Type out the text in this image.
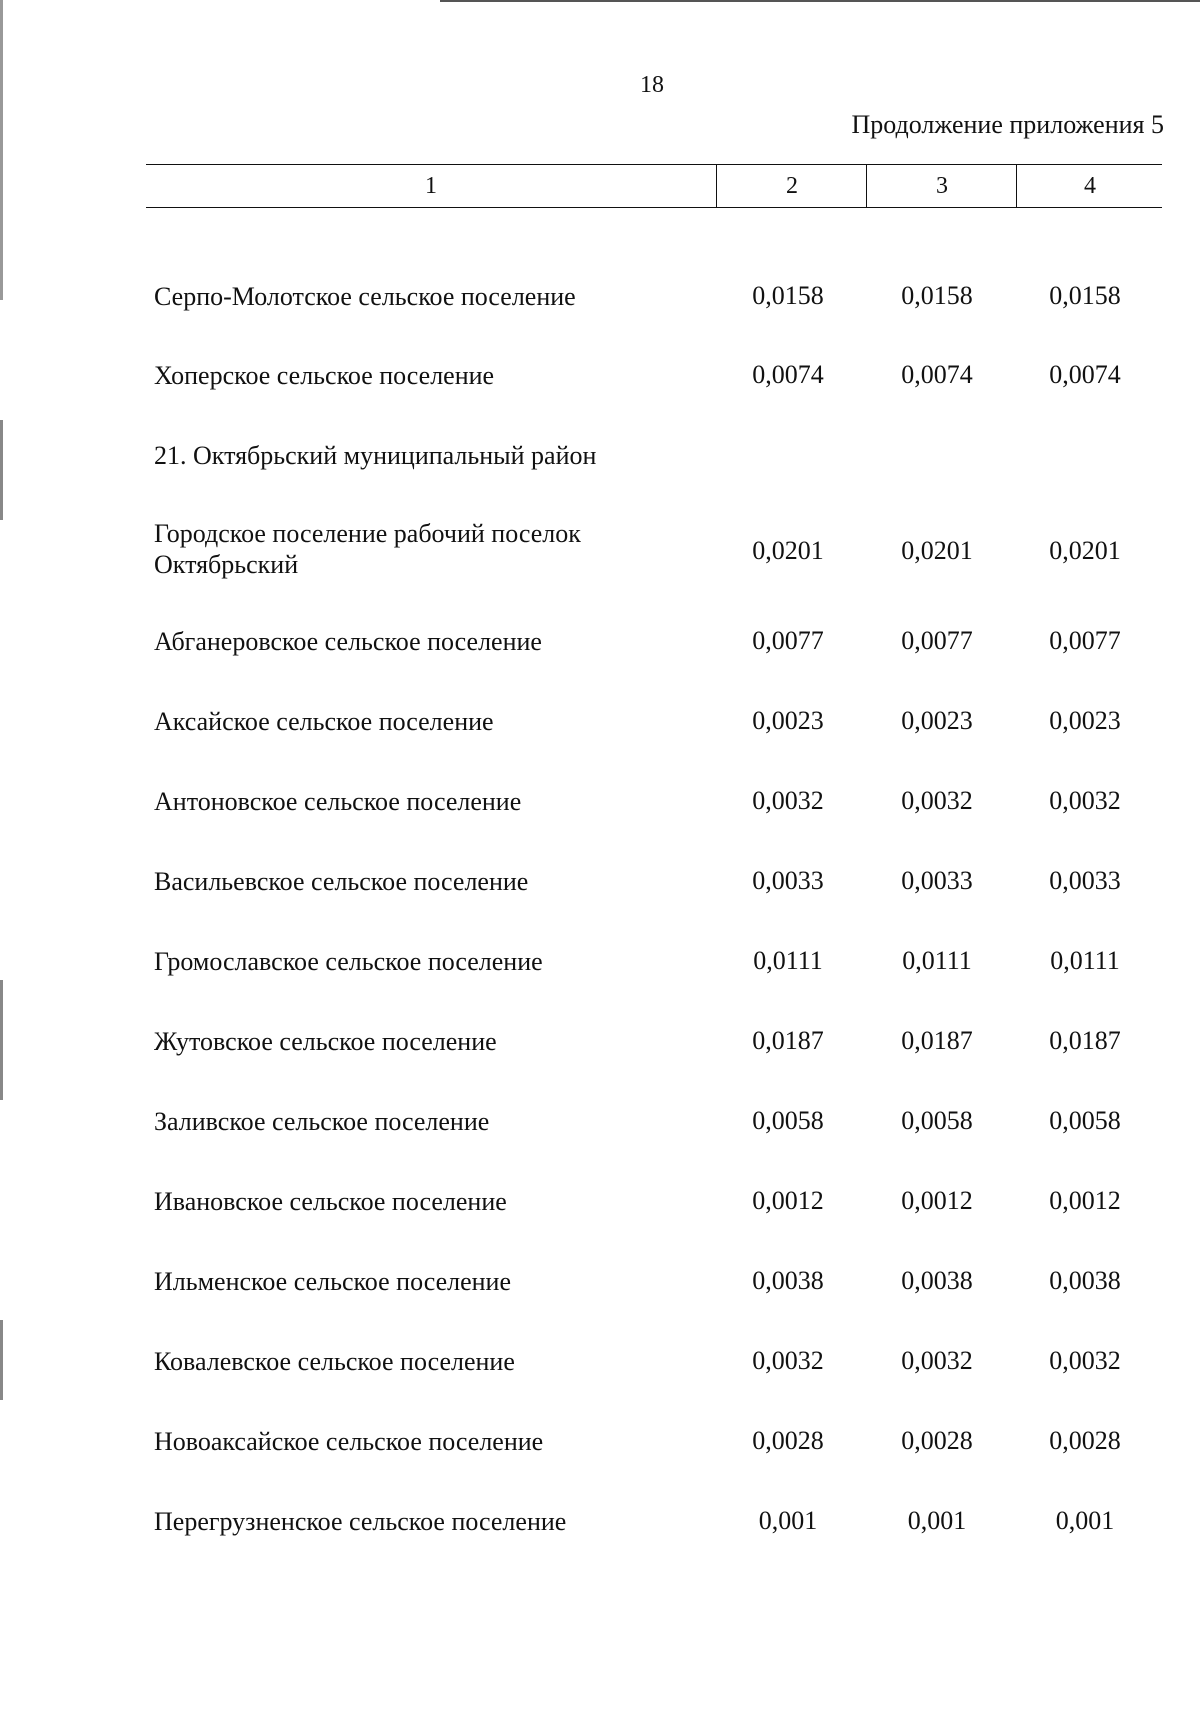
18
Продолжение приложения 5
1	2	3	4
Серпо-Молотское сельское поселение	0,0158	0,0158	0,0158
Хоперское сельское поселение	0,0074	0,0074	0,0074
21. Октябрьский муниципальный район
Городское поселение рабочий поселок Октябрьский	0,0201	0,0201	0,0201
Абганеровское сельское поселение	0,0077	0,0077	0,0077
Аксайское сельское поселение	0,0023	0,0023	0,0023
Антоновское сельское поселение	0,0032	0,0032	0,0032
Васильевское сельское поселение	0,0033	0,0033	0,0033
Громославское сельское поселение	0,0111	0,0111	0,0111
Жутовское сельское поселение	0,0187	0,0187	0,0187
Заливское сельское поселение	0,0058	0,0058	0,0058
Ивановское сельское поселение	0,0012	0,0012	0,0012
Ильменское сельское поселение	0,0038	0,0038	0,0038
Ковалевское сельское поселение	0,0032	0,0032	0,0032
Новоаксайское сельское поселение	0,0028	0,0028	0,0028
Перегрузненское сельское поселение	0,001	0,001	0,001
